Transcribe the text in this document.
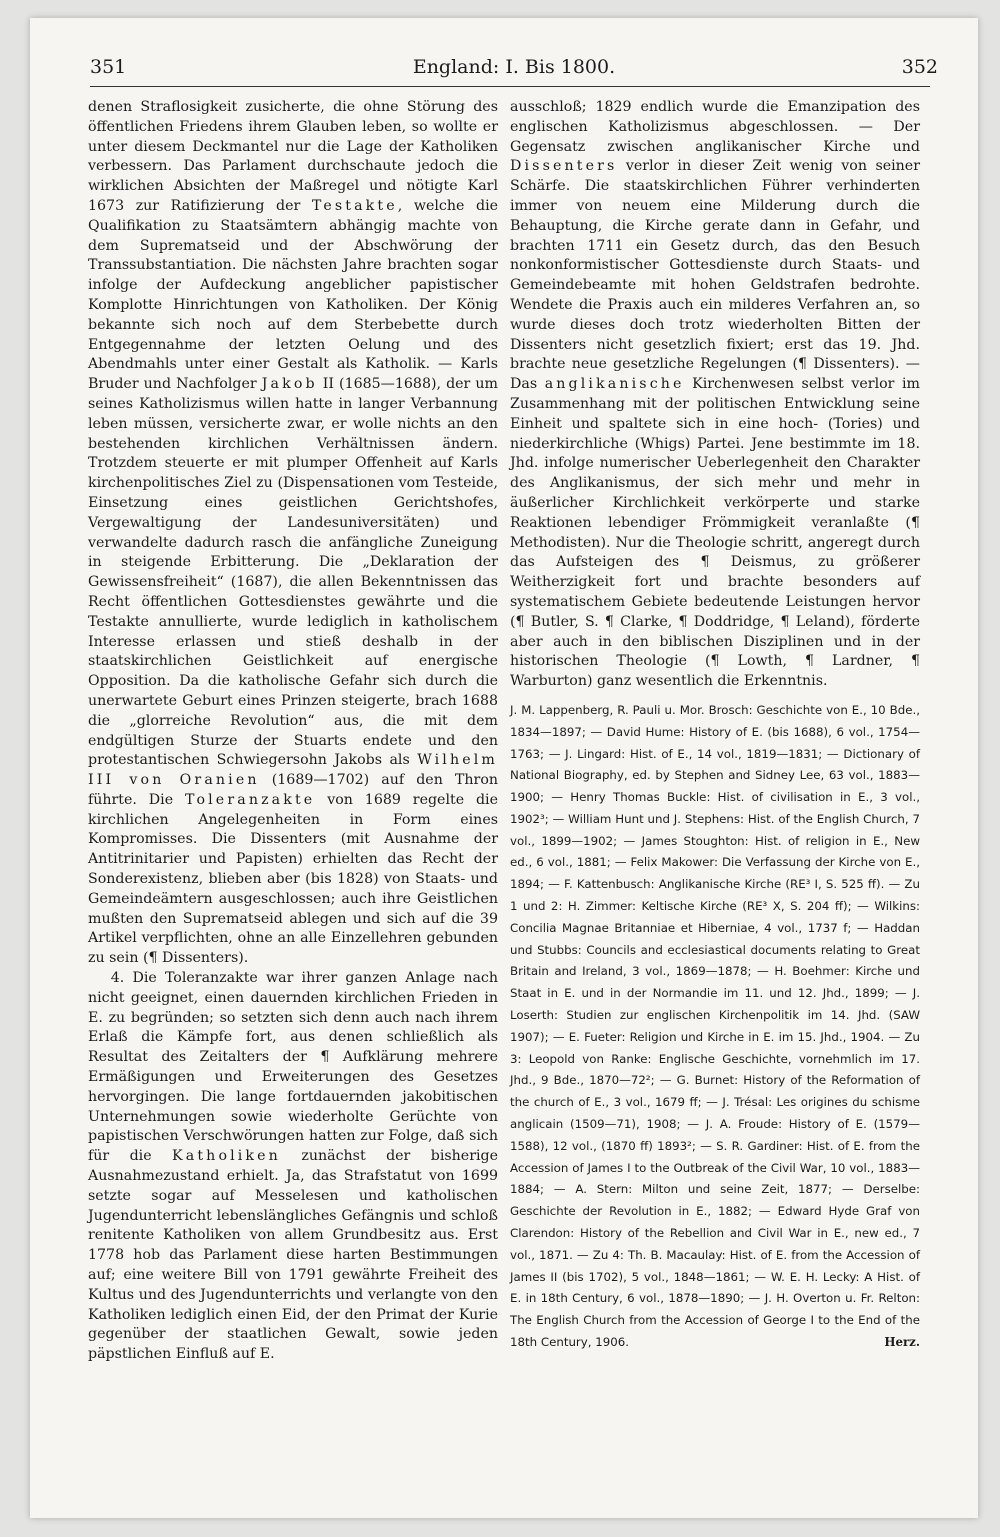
351	England: I. Bis 1800.	352

denen Straflosigkeit zusicherte, die ohne Störung des öffentlichen Friedens ihrem Glauben leben, so wollte er unter diesem Deckmantel nur die Lage der Katholiken verbessern. Das Parlament durchschaute jedoch die wirklichen Absichten der Maßregel und nötigte Karl 1673 zur Ratifizierung der Testakte, welche die Qualifikation zu Staatsämtern abhängig machte von dem Suprematseid und der Abschwörung der Transsubstantiation. Die nächsten Jahre brachten sogar infolge der Aufdeckung angeblicher papistischer Komplotte Hinrichtungen von Katholiken. Der König bekannte sich noch auf dem Sterbebette durch Entgegennahme der letzten Oelung und des Abendmahls unter einer Gestalt als Katholik. — Karls Bruder und Nachfolger Jakob II (1685—1688), der um seines Katholizismus willen hatte in langer Verbannung leben müssen, versicherte zwar, er wolle nichts an den bestehenden kirchlichen Verhältnissen ändern. Trotzdem steuerte er mit plumper Offenheit auf Karls kirchenpolitisches Ziel zu (Dispensationen vom Testeide, Einsetzung eines geistlichen Gerichtshofes, Vergewaltigung der Landesuniversitäten) und verwandelte dadurch rasch die anfängliche Zuneigung in steigende Erbitterung. Die „Deklaration der Gewissensfreiheit“ (1687), die allen Bekenntnissen das Recht öffentlichen Gottesdienstes gewährte und die Testakte annullierte, wurde lediglich in katholischem Interesse erlassen und stieß deshalb in der staatskirchlichen Geistlichkeit auf energische Opposition. Da die katholische Gefahr sich durch die unerwartete Geburt eines Prinzen steigerte, brach 1688 die „glorreiche Revolution“ aus, die mit dem endgültigen Sturze der Stuarts endete und den protestantischen Schwiegersohn Jakobs als Wilhelm III von Oranien (1689—1702) auf den Thron führte. Die Toleranzakte von 1689 regelte die kirchlichen Angelegenheiten in Form eines Kompromisses. Die Dissenters (mit Ausnahme der Antitrinitarier und Papisten) erhielten das Recht der Sonderexistenz, blieben aber (bis 1828) von Staats- und Gemeindeämtern ausgeschlossen; auch ihre Geistlichen mußten den Suprematseid ablegen und sich auf die 39 Artikel verpflichten, ohne an alle Einzellehren gebunden zu sein (¶ Dissenters).

4. Die Toleranzakte war ihrer ganzen Anlage nach nicht geeignet, einen dauernden kirchlichen Frieden in E. zu begründen; so setzten sich denn auch nach ihrem Erlaß die Kämpfe fort, aus denen schließlich als Resultat des Zeitalters der ¶ Aufklärung mehrere Ermäßigungen und Erweiterungen des Gesetzes hervorgingen. Die lange fortdauernden jakobitischen Unternehmungen sowie wiederholte Gerüchte von papistischen Verschwörungen hatten zur Folge, daß sich für die Katholiken zunächst der bisherige Ausnahmezustand erhielt. Ja, das Strafstatut von 1699 setzte sogar auf Messelesen und katholischen Jugendunterricht lebenslängliches Gefängnis und schloß renitente Katholiken von allem Grundbesitz aus. Erst 1778 hob das Parlament diese harten Bestimmungen auf; eine weitere Bill von 1791 gewährte Freiheit des Kultus und des Jugendunterrichts und verlangte von den Katholiken lediglich einen Eid, der den Primat der Kurie gegenüber der staatlichen Gewalt, sowie jeden päpstlichen Einfluß auf E.

ausschloß; 1829 endlich wurde die Emanzipation des englischen Katholizismus abgeschlossen. — Der Gegensatz zwischen anglikanischer Kirche und Dissenters verlor in dieser Zeit wenig von seiner Schärfe. Die staatskirchlichen Führer verhinderten immer von neuem eine Milderung durch die Behauptung, die Kirche gerate dann in Gefahr, und brachten 1711 ein Gesetz durch, das den Besuch nonkonformistischer Gottesdienste durch Staats- und Gemeindebeamte mit hohen Geldstrafen bedrohte. Wendete die Praxis auch ein milderes Verfahren an, so wurde dieses doch trotz wiederholten Bitten der Dissenters nicht gesetzlich fixiert; erst das 19. Jhd. brachte neue gesetzliche Regelungen (¶ Dissenters). — Das anglikanische Kirchenwesen selbst verlor im Zusammenhang mit der politischen Entwicklung seine Einheit und spaltete sich in eine hoch- (Tories) und niederkirchliche (Whigs) Partei. Jene bestimmte im 18. Jhd. infolge numerischer Ueberlegenheit den Charakter des Anglikanismus, der sich mehr und mehr in äußerlicher Kirchlichkeit verkörperte und starke Reaktionen lebendiger Frömmigkeit veranlaßte (¶ Methodisten). Nur die Theologie schritt, angeregt durch das Aufsteigen des ¶ Deismus, zu größerer Weitherzigkeit fort und brachte besonders auf systematischem Gebiete bedeutende Leistungen hervor (¶ Butler, S. ¶ Clarke, ¶ Doddridge, ¶ Leland), förderte aber auch in den biblischen Disziplinen und in der historischen Theologie (¶ Lowth, ¶ Lardner, ¶ Warburton) ganz wesentlich die Erkenntnis.

J. M. Lappenberg, R. Pauli u. Mor. Brosch: Geschichte von E., 10 Bde., 1834—1897; — David Hume: History of E. (bis 1688), 6 vol., 1754—1763; — J. Lingard: Hist. of E., 14 vol., 1819—1831; — Dictionary of National Biography, ed. by Stephen and Sidney Lee, 63 vol., 1883—1900; — Henry Thomas Buckle: Hist. of civilisation in E., 3 vol., 1902³; — William Hunt und J. Stephens: Hist. of the English Church, 7 vol., 1899—1902; — James Stoughton: Hist. of religion in E., New ed., 6 vol., 1881; — Felix Makower: Die Verfassung der Kirche von E., 1894; — F. Kattenbusch: Anglikanische Kirche (RE³ I, S. 525 ff). — Zu 1 und 2: H. Zimmer: Keltische Kirche (RE³ X, S. 204 ff); — Wilkins: Concilia Magnae Britanniae et Hiberniae, 4 vol., 1737 f; — Haddan und Stubbs: Councils and ecclesiastical documents relating to Great Britain and Ireland, 3 vol., 1869—1878; — H. Boehmer: Kirche und Staat in E. und in der Normandie im 11. und 12. Jhd., 1899; — J. Loserth: Studien zur englischen Kirchenpolitik im 14. Jhd. (SAW 1907); — E. Fueter: Religion und Kirche in E. im 15. Jhd., 1904. — Zu 3: Leopold von Ranke: Englische Geschichte, vornehmlich im 17. Jhd., 9 Bde., 1870—72²; — G. Burnet: History of the Reformation of the church of E., 3 vol., 1679 ff; — J. Trésal: Les origines du schisme anglicain (1509—71), 1908; — J. A. Froude: History of E. (1579—1588), 12 vol., (1870 ff) 1893²; — S. R. Gardiner: Hist. of E. from the Accession of James I to the Outbreak of the Civil War, 10 vol., 1883—1884; — A. Stern: Milton und seine Zeit, 1877; — Derselbe: Geschichte der Revolution in E., 1882; — Edward Hyde Graf von Clarendon: History of the Rebellion and Civil War in E., new ed., 7 vol., 1871. — Zu 4: Th. B. Macaulay: Hist. of E. from the Accession of James II (bis 1702), 5 vol., 1848—1861; — W. E. H. Lecky: A Hist. of E. in 18th Century, 6 vol., 1878—1890; — J. H. Overton u. Fr. Relton: The English Church from the Accession of George I to the End of the 18th Century, 1906.	Herz.
